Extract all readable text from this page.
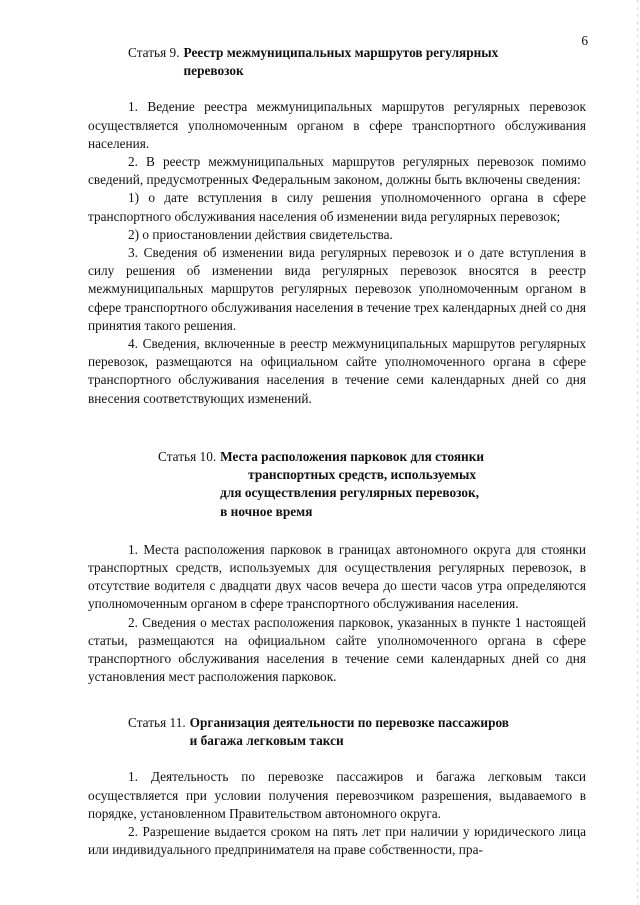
6
Статья 9. Реестр межмуниципальных маршрутов регулярных
перевозок

1. Ведение реестра межмуниципальных маршрутов регулярных перевозок осуществляется уполномоченным органом в сфере транспортного обслуживания населения.

2. В реестр межмуниципальных маршрутов регулярных перевозок помимо сведений, предусмотренных Федеральным законом, должны быть включены сведения:

1) о дате вступления в силу решения уполномоченного органа в сфере транспортного обслуживания населения об изменении вида регулярных перевозок;

2) о приостановлении действия свидетельства.

3. Сведения об изменении вида регулярных перевозок и о дате вступления в силу решения об изменении вида регулярных перевозок вносятся в реестр межмуниципальных маршрутов регулярных перевозок уполномоченным органом в сфере транспортного обслуживания населения в течение трех календарных дней со дня принятия такого решения.

4. Сведения, включенные в реестр межмуниципальных маршрутов регулярных перевозок, размещаются на официальном сайте уполномоченного органа в сфере транспортного обслуживания населения в течение семи календарных дней со дня внесения соответствующих изменений.

Статья 10. Места расположения парковок для стоянки
транспортных средств, используемых
для осуществления регулярных перевозок,
в ночное время

1. Места расположения парковок в границах автономного округа для стоянки транспортных средств, используемых для осуществления регулярных перевозок, в отсутствие водителя с двадцати двух часов вечера до шести часов утра определяются уполномоченным органом в сфере транспортного обслуживания населения.

2. Сведения о местах расположения парковок, указанных в пункте 1 настоящей статьи, размещаются на официальном сайте уполномоченного органа в сфере транспортного обслуживания населения в течение семи календарных дней со дня установления мест расположения парковок.

Статья 11. Организация деятельности по перевозке пассажиров
и багажа легковым такси

1. Деятельность по перевозке пассажиров и багажа легковым такси осуществляется при условии получения перевозчиком разрешения, выдаваемого в порядке, установленном Правительством автономного округа.

2. Разрешение выдается сроком на пять лет при наличии у юридического лица или индивидуального предпринимателя на праве собственности, пра-
